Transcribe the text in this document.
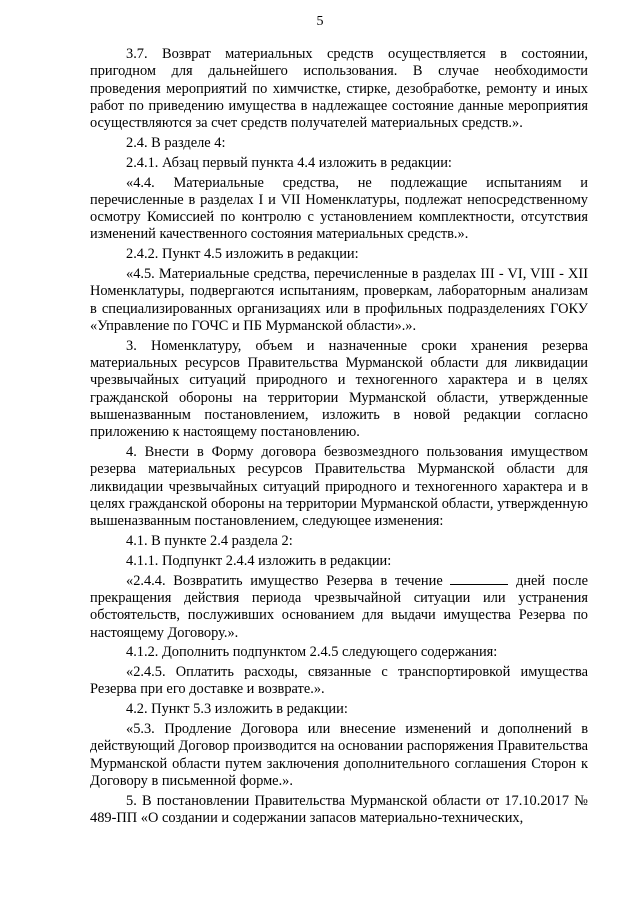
5

3.7. Возврат материальных средств осуществляется в состоянии, пригодном для дальнейшего использования. В случае необходимости проведения мероприятий по химчистке, стирке, дезобработке, ремонту и иных работ по приведению имущества в надлежащее состояние данные мероприятия осуществляются за счет средств получателей материальных средств.».

2.4. В разделе 4:

2.4.1. Абзац первый пункта 4.4 изложить в редакции:

«4.4. Материальные средства, не подлежащие испытаниям и перечисленные в разделах I и VII Номенклатуры, подлежат непосредственному осмотру Комиссией по контролю с установлением комплектности, отсутствия изменений качественного состояния материальных средств.».

2.4.2. Пункт 4.5 изложить в редакции:

«4.5. Материальные средства, перечисленные в разделах III - VI, VIII - XII Номенклатуры, подвергаются испытаниям, проверкам, лабораторным анализам в специализированных организациях или в профильных подразделениях ГОКУ «Управление по ГОЧС и ПБ Мурманской области».».

3. Номенклатуру, объем и назначенные сроки хранения резерва материальных ресурсов Правительства Мурманской области для ликвидации чрезвычайных ситуаций природного и техногенного характера и в целях гражданской обороны на территории Мурманской области, утвержденные вышеназванным постановлением, изложить в новой редакции согласно приложению к настоящему постановлению.

4. Внести в Форму договора безвозмездного пользования имуществом резерва материальных ресурсов Правительства Мурманской области для ликвидации чрезвычайных ситуаций природного и техногенного характера и в целях гражданской обороны на территории Мурманской области, утвержденную вышеназванным постановлением, следующее изменения:

4.1. В пункте 2.4 раздела 2:

4.1.1. Подпункт 2.4.4 изложить в редакции:

«2.4.4. Возвратить имущество Резерва в течение	дней после прекращения действия периода чрезвычайной ситуации или устранения обстоятельств, послуживших основанием для выдачи имущества Резерва по настоящему Договору.».

4.1.2. Дополнить подпунктом 2.4.5 следующего содержания:

«2.4.5. Оплатить расходы, связанные с транспортировкой имущества Резерва при его доставке и возврате.».

4.2. Пункт 5.3 изложить в редакции:

«5.3. Продление Договора или внесение изменений и дополнений в действующий Договор производится на основании распоряжения Правительства Мурманской области путем заключения дополнительного соглашения Сторон к Договору в письменной форме.».

5. В постановлении Правительства Мурманской области от 17.10.2017 № 489-ПП «О создании и содержании запасов материально-технических,
